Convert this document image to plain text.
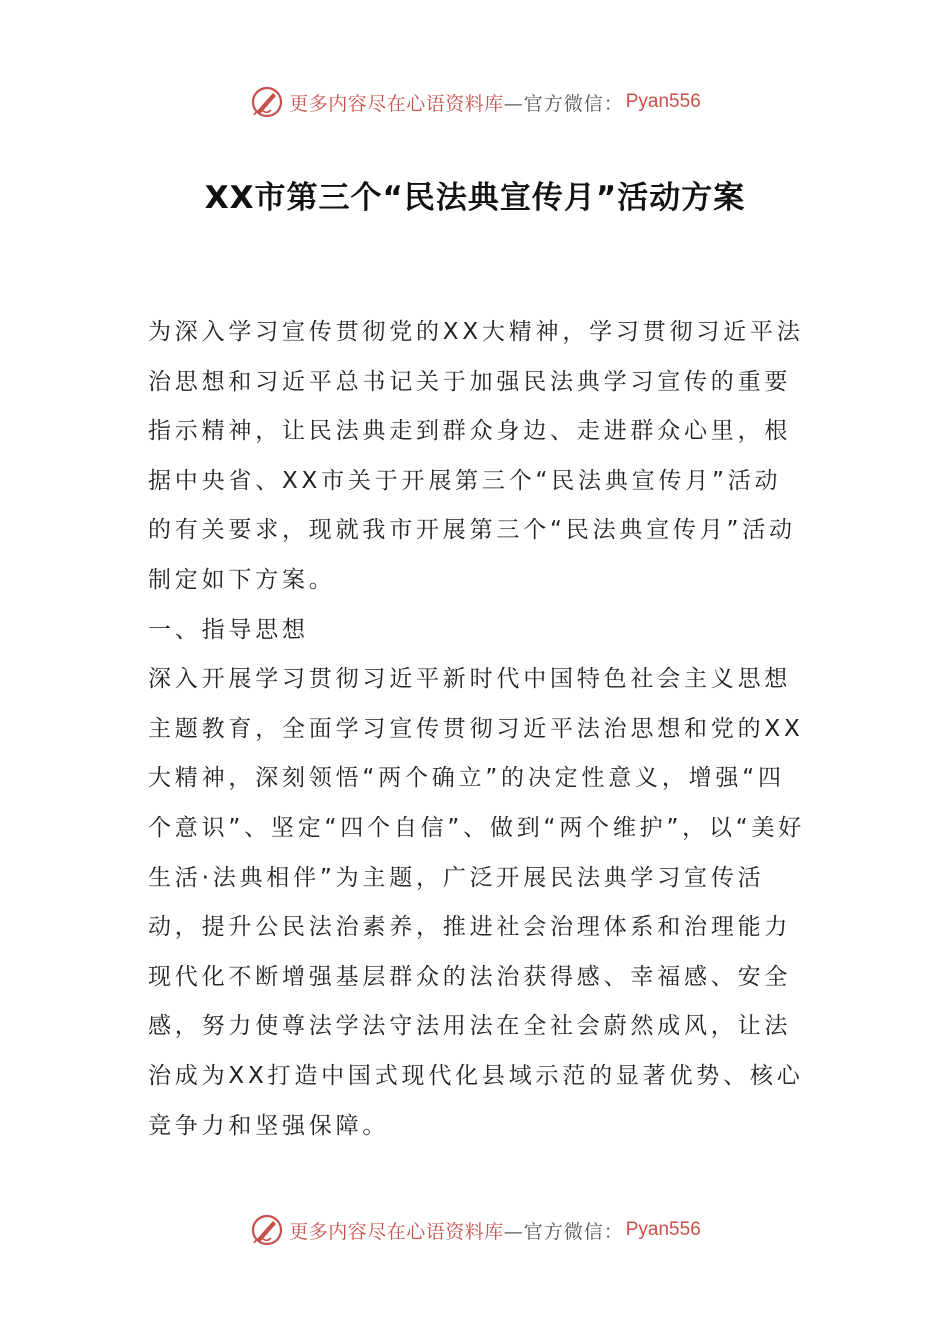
更多内容尽在心语资料库 —官方微信： Pyan556
XX市第三个“民法典宣传月”活动方案

为深入学习宣传贯彻党的XX大精神，学习贯彻习近平法治思想和习近平总书记关于加强民法典学习宣传的重要指示精神，让民法典走到群众身边、走进群众心里，根据中央省、XX市关于开展第三个“民法典宣传月”活动的有关要求，现就我市开展第三个“民法典宣传月”活动制定如下方案。

一、指导思想

深入开展学习贯彻习近平新时代中国特色社会主义思想主题教育，全面学习宣传贯彻习近平法治思想和党的XX大精神，深刻领悟“两个确立”的决定性意义，增强“四个意识”、坚定“四个自信”、做到“两个维护”，以“美好生活·法典相伴”为主题，广泛开展民法典学习宣传活动，提升公民法治素养，推进社会治理体系和治理能力现代化不断增强基层群众的法治获得感、幸福感、安全感，努力使尊法学法守法用法在全社会蔚然成风，让法治成为XX打造中国式现代化县域示范的显著优势、核心竞争力和坚强保障。

更多内容尽在心语资料库 —官方微信： Pyan556
